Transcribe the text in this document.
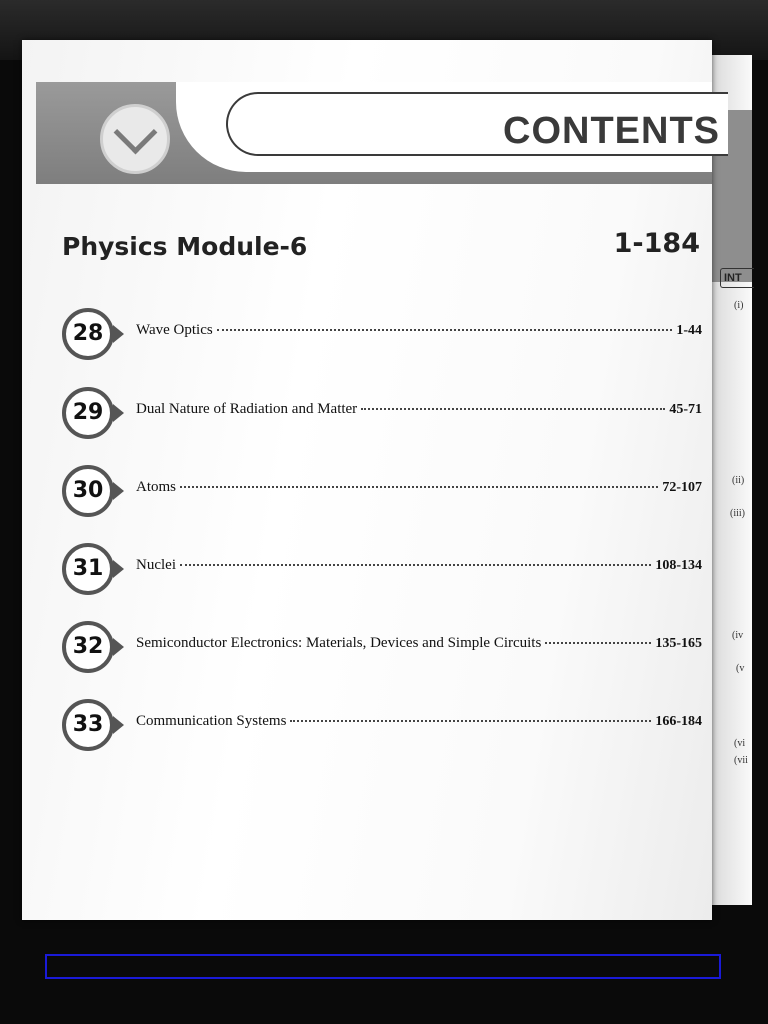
INT
(i)
(ii)
(iii)
(iv
(v
(vi
(vii
CONTENTS
Physics Module-6	1-184
28	Wave Optics	1-44
29	Dual Nature of Radiation and Matter	45-71
30	Atoms	72-107
31	Nuclei	108-134
32	Semiconductor Electronics: Materials, Devices and Simple Circuits	135-165
33	Communication Systems	166-184
